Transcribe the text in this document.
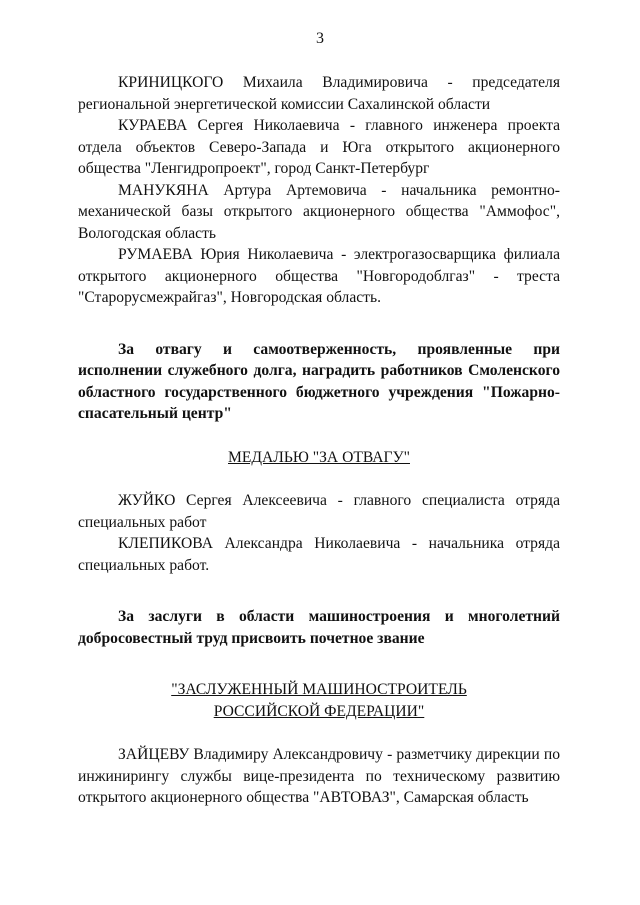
3

КРИНИЦКОГО Михаила Владимировича - председателя региональной энергетической комиссии Сахалинской области

КУРАЕВА Сергея Николаевича - главного инженера проекта отдела объектов Северо-Запада и Юга открытого акционерного общества "Ленгидропроект", город Санкт-Петербург

МАНУКЯНА Артура Артемовича - начальника ремонтно-механической базы открытого акционерного общества "Аммофос", Вологодская область

РУМАЕВА Юрия Николаевича - электрогазосварщика филиала открытого акционерного общества "Новгородоблгаз" - треста "Старорусмежрайгаз", Новгородская область.

За отвагу и самоотверженность, проявленные при исполнении служебного долга, наградить работников Смоленского областного государственного бюджетного учреждения "Пожарно-спасательный центр"

МЕДАЛЬЮ "ЗА ОТВАГУ"

ЖУЙКО Сергея Алексеевича - главного специалиста отряда специальных работ

КЛЕПИКОВА Александра Николаевича - начальника отряда специальных работ.

За заслуги в области машиностроения и многолетний добросовестный труд присвоить почетное звание

"ЗАСЛУЖЕННЫЙ МАШИНОСТРОИТЕЛЬ

РОССИЙСКОЙ ФЕДЕРАЦИИ"

ЗАЙЦЕВУ Владимиру Александровичу - разметчику дирекции по инжинирингу службы вице-президента по техническому развитию открытого акционерного общества "АВТОВАЗ", Самарская область
